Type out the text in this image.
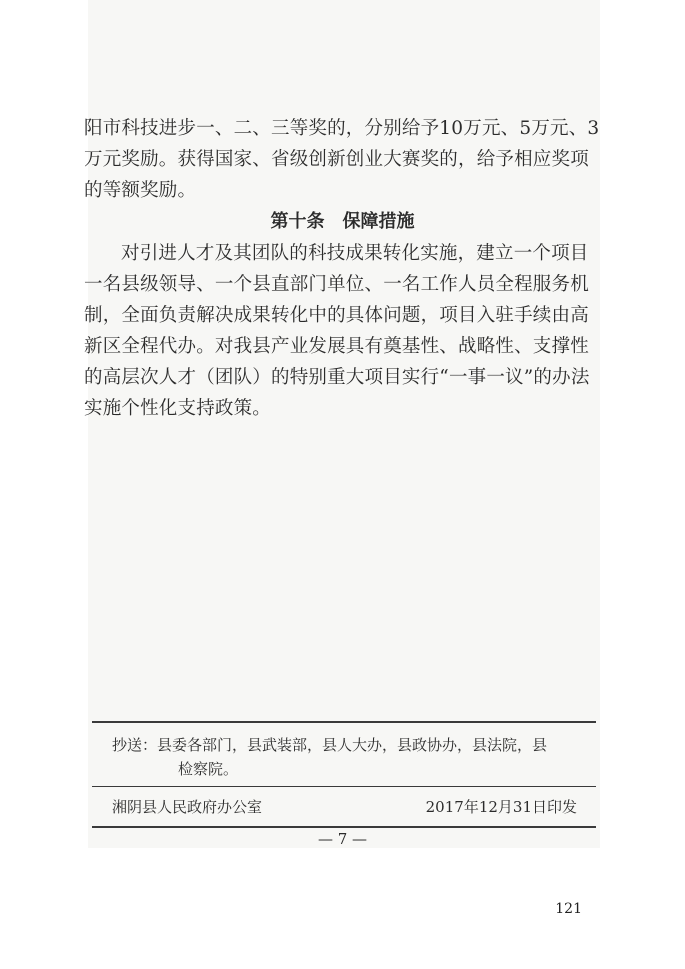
阳市科技进步一、二、三等奖的，分别给予10万元、5万元、3万元奖励。获得国家、省级创新创业大赛奖的，给予相应奖项的等额奖励。

第十条 保障措施

对引进人才及其团队的科技成果转化实施，建立一个项目一名县级领导、一个县直部门单位、一名工作人员全程服务机制，全面负责解决成果转化中的具体问题，项目入驻手续由高新区全程代办。对我县产业发展具有奠基性、战略性、支撑性的高层次人才（团队）的特别重大项目实行“一事一议”的办法实施个性化支持政策。

抄送：县委各部门，县武装部，县人大办，县政协办，县法院，县
检察院。
湘阴县人民政府办公室	2017年12月31日印发
— 7 —
121
